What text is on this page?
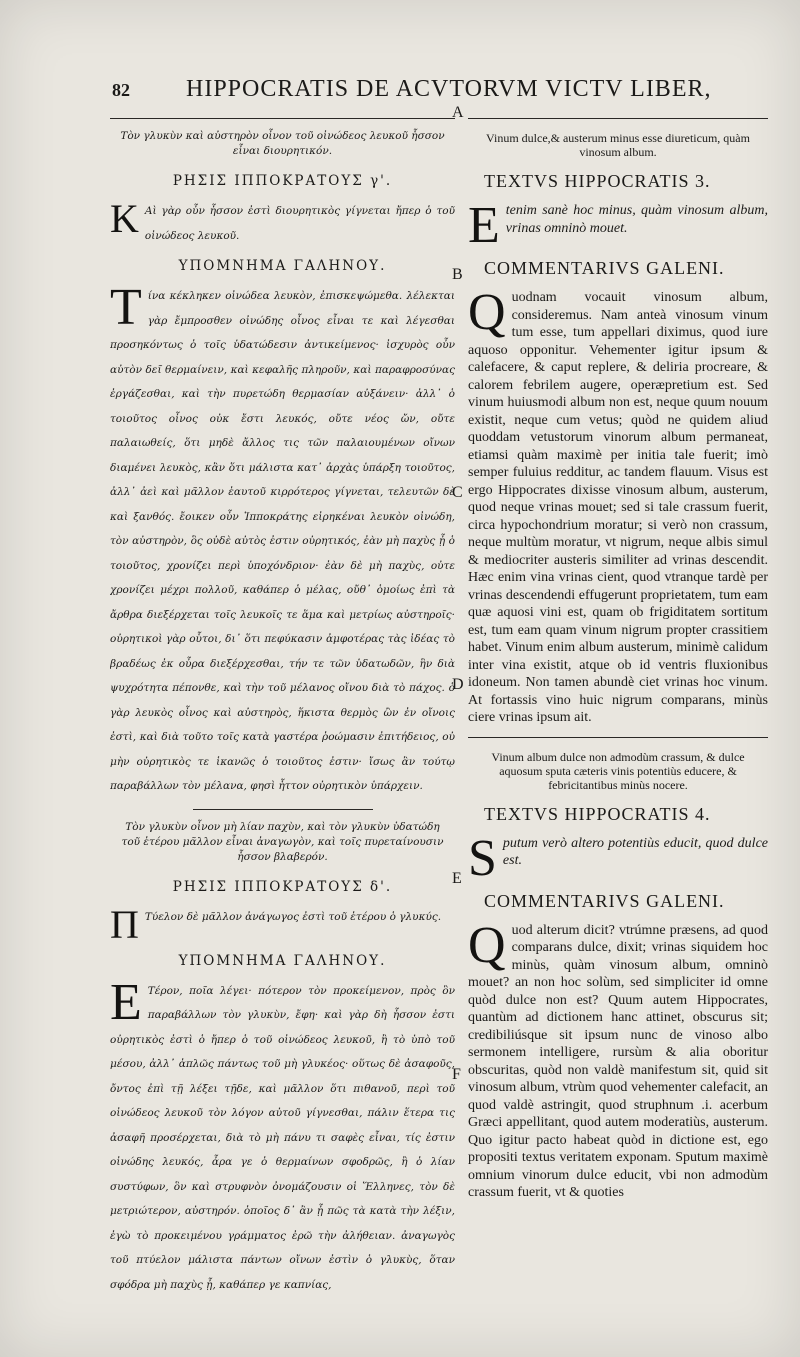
82 HIPPOCRATIS DE ACVTORVM VICTV LIBER,
A
B
C
D
E
F
Τὸν γλυκὺν καὶ αὐστηρὸν οἶνον τοῦ οἰνώδεος λευκοῦ ἧσσον εἶναι διουρητικόν.
ΡΗΣΙΣ ΙΠΠΟΚΡΑΤΟΥΣ γ'.
K Aὶ γὰρ οὖν ἧσσον ἐστὶ διουρητικὸς γίγνεται ἤπερ ὁ τοῦ οἰνώδεος λευκοῦ.

ΥΠΟΜΝΗΜΑ ΓΑΛΗΝΟΥ.
T ίνα κέκληκεν οἰνώδεα λευκὸν, ἐπισκεψώμεθα. λέλεκται γὰρ ἔμπροσθεν οἰνώδης οἶνος εἶναι τε καὶ λέγεσθαι προσηκόντως ὁ τοῖς ὑδατώδεσιν ἀντικείμενος· ἰσχυρὸς οὖν αὐτὸν δεῖ θερμαίνειν, καὶ κεφαλῆς πληροῦν, καὶ παραφροσύνας ἐργάζεσθαι, καὶ τὴν πυρετώδη θερμασίαν αὐξάνειν· ἀλλ᾽ ὁ τοιοῦτος οἶνος οὐκ ἔστι λευκός, οὔτε νέος ὤν, οὔτε παλαιωθείς, ὅτι μηδὲ ἄλλος τις τῶν παλαιουμένων οἴνων διαμένει λευκὸς, κἂν ὅτι μάλιστα κατ᾽ ἀρχὰς ὑπάρξη τοιοῦτος, ἀλλ᾽ ἀεὶ καὶ μᾶλλον ἑαυτοῦ κιρρότερος γίγνεται, τελευτῶν δὲ καὶ ξανθός. ἔοικεν οὖν Ἱπποκράτης εἰρηκέναι λευκὸν οἰνώδη, τὸν αὐστηρὸν, ὃς οὐδὲ αὐτὸς ἐστιν οὐρητικός, ἐὰν μὴ παχὺς ᾖ ὁ τοιοῦτος, χρονίζει περὶ ὑποχόνδριον· ἐὰν δὲ μὴ παχὺς, οὐτε χρονίζει μέχρι πολλοῦ, καθάπερ ὁ μέλας, οὔθ᾽ ὁμοίως ἐπὶ τὰ ἄρθρα διεξέρχεται τοῖς λευκοῖς τε ἅμα καὶ μετρίως αὐστηροῖς· οὐρητικοὶ γὰρ οὗτοι, δι᾽ ὅτι πεφύκασιν ἀμφοτέρας τὰς ἰδέας τὸ βραδέως ἐκ οὖρα διεξέρχεσθαι, τήν τε τῶν ὑδατωδῶν, ἣν διὰ ψυχρότητα πέπονθε, καὶ τὴν τοῦ μέλανος οἴνου διὰ τὸ πάχος. ὁ γὰρ λευκὸς οἶνος καὶ αὐστηρὸς, ἥκιστα θερμὸς ὢν ἐν οἴνοις ἐστὶ, καὶ διὰ τοῦτο τοῖς κατὰ γαστέρα ῥοώμασιν ἐπιτήδειος, οὐ μὴν οὐρητικὸς τε ἱκανῶς ὁ τοιοῦτος ἐστιν· ἴσως ἂν τούτῳ παραβάλλων τὸν μέλανα, φησὶ ἧττον οὐρητικὸν ὑπάρχειν.

Τὸν γλυκὺν οἶνον μὴ λίαν παχὺν, καὶ τὸν γλυκὺν ὑδατώδη τοῦ ἑτέρου μᾶλλον εἶναι ἀναγωγὸν, καὶ τοῖς πυρεταίνουσιν ἧσσον βλαβερόν.
ΡΗΣΙΣ ΙΠΠΟΚΡΑΤΟΥΣ δ'.
Π Τύελον δὲ μᾶλλον ἀνάγωγος ἐστὶ τοῦ ἑτέρου ὁ γλυκύς.

ΥΠΟΜΝΗΜΑ ΓΑΛΗΝΟΥ.
E Τέρον, ποῖα λέγει· πότερον τὸν προκείμενον, πρὸς ὃν παραβάλλων τὸν γλυκὺν, ἔφη· καὶ γὰρ δὴ ἧσσον ἐστι οὐρητικὸς ἐστὶ ὁ ἤπερ ὁ τοῦ οἰνώδεος λευκοῦ, ἢ τὸ ὑπὸ τοῦ μέσου, ἀλλ᾽ ἁπλῶς πάντως τοῦ μὴ γλυκέος· οὕτως δὲ ἀσαφοῦς, ὄντος ἐπὶ τῇ λέξει τῇδε, καὶ μᾶλλον ὅτι πιθανοῦ, περὶ τοῦ οἰνώδεος λευκοῦ τὸν λόγον αὐτοῦ γίγνεσθαι, πάλιν ἕτερα τις ἀσαφῆ προσέρχεται, διὰ τὸ μὴ πάνυ τι σαφὲς εἶναι, τίς ἐστιν οἰνώδης λευκός, ἆρα γε ὁ θερμαίνων σφοδρῶς, ἢ ὁ λίαν συστύφων, ὃν καὶ στρυφνὸν ὀνομάζουσιν οἱ Ἕλληνες, τὸν δὲ μετριώτερον, αὐστηρόν. ὁποῖος δ᾽ ἂν ᾖ πῶς τὰ κατὰ τὴν λέξιν, ἐγὼ τὸ προκειμένου γράμματος ἐρῶ τὴν ἀλήθειαν. ἀναγωγὸς τοῦ πτύελον μάλιστα πάντων οἴνων ἐστὶν ὁ γλυκὺς, ὅταν σφόδρα μὴ παχὺς ᾖ, καθάπερ γε καπνίας,

Vinum dulce,& austerum minus esse diureticum, quàm vinosum album.
TEXTVS HIPPOCRATIS 3.
E tenim sanè hoc minus, quàm vinosum album, vrinas omninò mouet.

COMMENTARIVS GALENI.
Q uodnam vocauit vinosum album, consideremus. Nam anteà vinosum vinum tum esse, tum appellari diximus, quod iure aquoso opponitur. Vehementer igitur ipsum & calefacere, & caput replere, & deliria procreare, & calorem febrilem augere, operæpretium est. Sed vinum huiusmodi album non est, neque quum nouum existit, neque cum vetus; quòd ne quidem aliud quoddam vetustorum vinorum album permaneat, etiamsi quàm maximè per initia tale fuerit; imò semper fuluius redditur, ac tandem flauum. Visus est ergo Hippocrates dixisse vinosum album, austerum, quod neque vrinas mouet; sed si tale crassum fuerit, circa hypochondrium moratur; si verò non crassum, neque multùm moratur, vt nigrum, neque albis simul & mediocriter austeris similiter ad vrinas descendit. Hæc enim vina vrinas cient, quod vtranque tardè per vrinas descendendi effugerunt proprietatem, tum eam quæ aquosi vini est, quam ob frigiditatem sortitum est, tum eam quam vinum nigrum propter crassitiem habet. Vinum enim album austerum, minimè calidum inter vina existit, atque ob id ventris fluxionibus idoneum. Non tamen abundè ciet vrinas hoc vinum. At fortassis vino huic nigrum comparans, minùs ciere vrinas ipsum ait.

Vinum album dulce non admodùm crassum, & dulce aquosum sputa cæteris vinis potentiùs educere, & febricitantibus minùs nocere.
TEXTVS HIPPOCRATIS 4.
S putum verò altero potentiùs educit, quod dulce est.

COMMENTARIVS GALENI.
Q uod alterum dicit? vtrúmne præsens, ad quod comparans dulce, dixit; vrinas siquidem hoc minùs, quàm vinosum album, omninò mouet? an non hoc solùm, sed simpliciter id omne quòd dulce non est? Quum autem Hippocrates, quantùm ad dictionem hanc attinet, obscurus sit; credibiliúsque sit ipsum nunc de vinoso albo sermonem intelligere, rursùm & alia oboritur obscuritas, quòd non valdè manifestum sit, quid sit vinosum album, vtrùm quod vehementer calefacit, an quod valdè astringit, quod struphnum .i. acerbum Græci appellitant, quod autem moderatiùs, austerum. Quo igitur pacto habeat quòd in dictione est, ego propositi textus veritatem exponam. Sputum maximè omnium vinorum dulce educit, vbi non admodùm crassum fuerit, vt & quoties
